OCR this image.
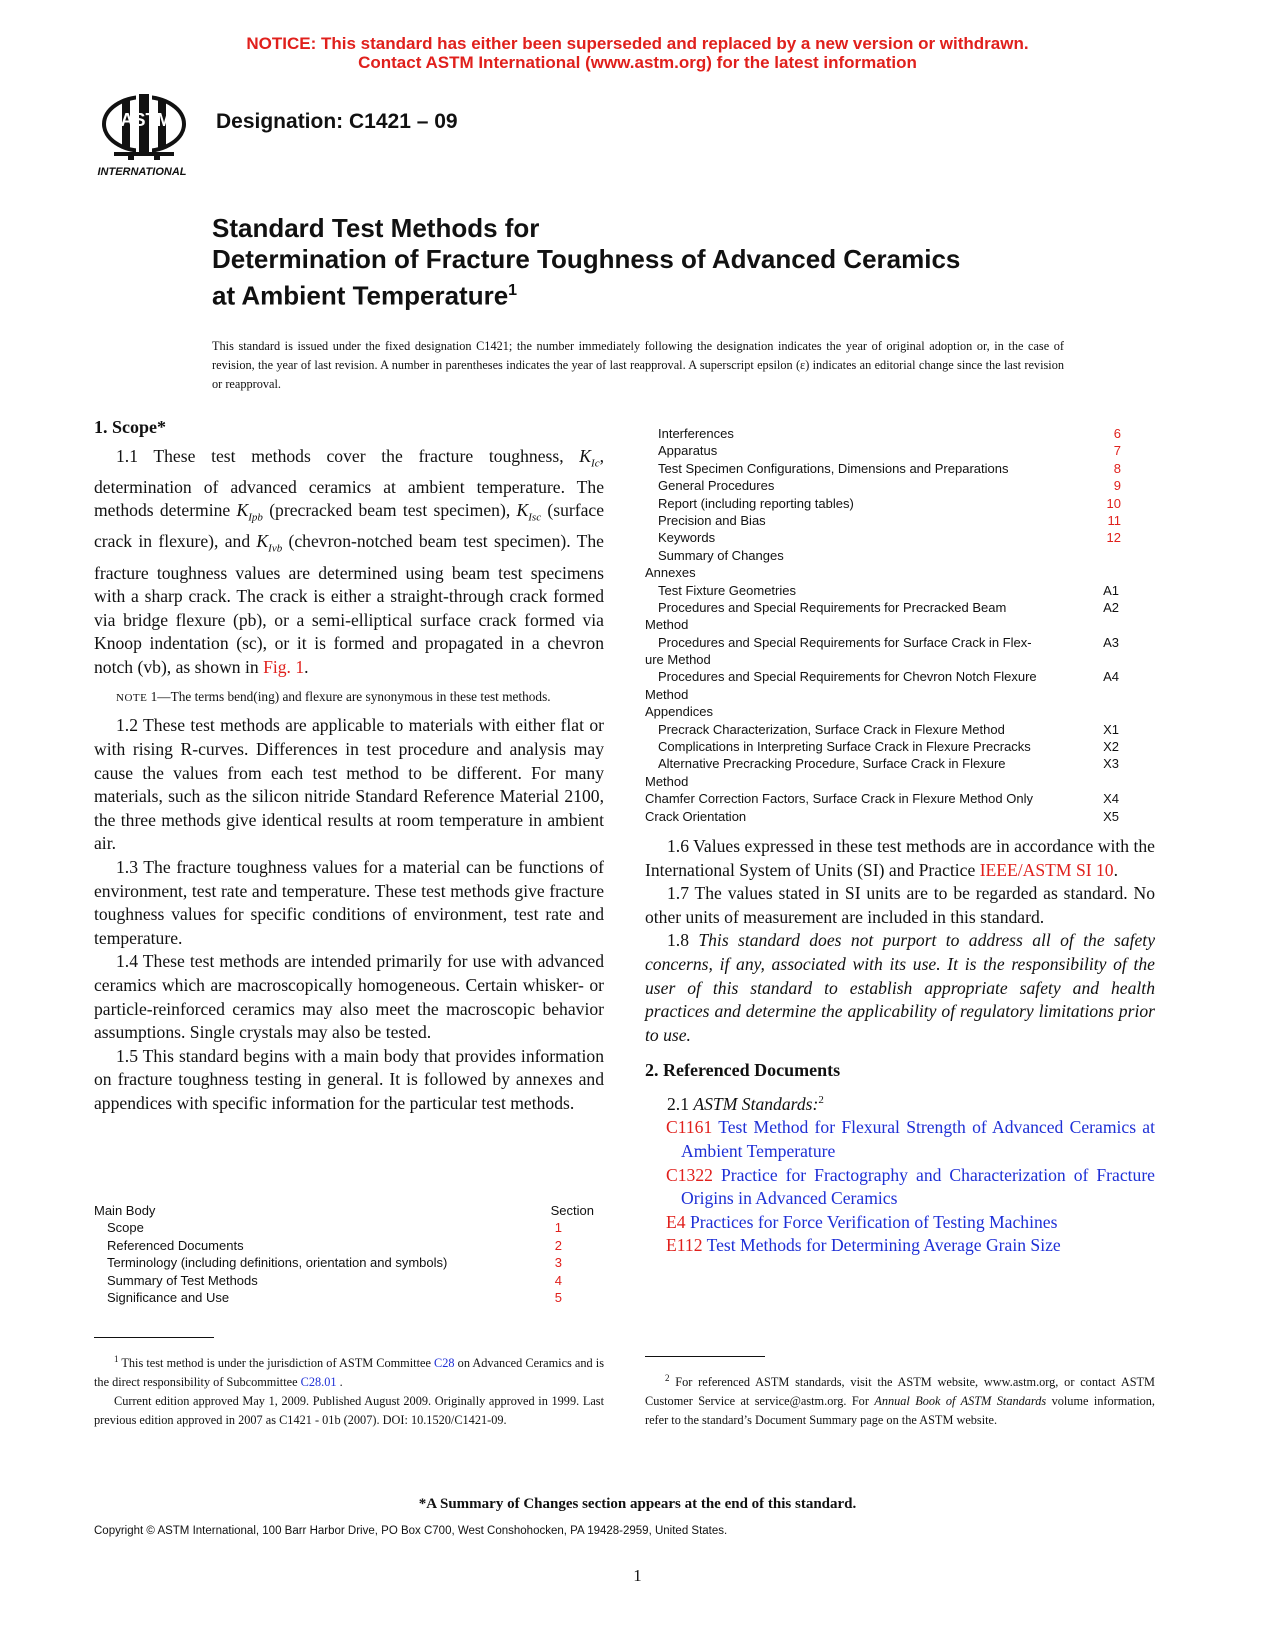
NOTICE: This standard has either been superseded and replaced by a new version or withdrawn.
Contact ASTM International (www.astm.org) for the latest information
ASTM
INTERNATIONAL
Designation: C1421 – 09
Standard Test Methods for
Determination of Fracture Toughness of Advanced Ceramics
at Ambient Temperature$^1$
This standard is issued under the fixed designation C1421; the number immediately following the designation indicates the year of original adoption or, in the case of revision, the year of last revision. A number in parentheses indicates the year of last reapproval. A superscript epsilon (ε) indicates an editorial change since the last revision or reapproval.
1. Scope*

1.1 These test methods cover the fracture toughness, $K_{Ic}$, determination of advanced ceramics at ambient temperature. The methods determine $K_{Ipb}$ (precracked beam test specimen), $K_{Isc}$ (surface crack in flexure), and $K_{Ivb}$ (chevron-notched beam test specimen). The fracture toughness values are determined using beam test specimens with a sharp crack. The crack is either a straight-through crack formed via bridge flexure (pb), or a semi-elliptical surface crack formed via Knoop indentation (sc), or it is formed and propagated in a chevron notch (vb), as shown in Fig. 1.

NOTE 1—The terms bend(ing) and flexure are synonymous in these test methods.

1.2 These test methods are applicable to materials with either flat or with rising R-curves. Differences in test procedure and analysis may cause the values from each test method to be different. For many materials, such as the silicon nitride Standard Reference Material 2100, the three methods give identical results at room temperature in ambient air.

1.3 The fracture toughness values for a material can be functions of environment, test rate and temperature. These test methods give fracture toughness values for specific conditions of environment, test rate and temperature.

1.4 These test methods are intended primarily for use with advanced ceramics which are macroscopically homogeneous. Certain whisker- or particle-reinforced ceramics may also meet the macroscopic behavior assumptions. Single crystals may also be tested.

1.5 This standard begins with a main body that provides information on fracture toughness testing in general. It is followed by annexes and appendices with specific information for the particular test methods.

Main Body	Section
Scope	1
Referenced Documents	2
Terminology (including definitions, orientation and symbols)	3
Summary of Test Methods	4
Significance and Use	5
Interferences	6
Apparatus	7
Test Specimen Configurations, Dimensions and Preparations	8
General Procedures	9
Report (including reporting tables)	10
Precision and Bias	11
Keywords	12
Summary of Changes
Annexes
Test Fixture Geometries	A1
Procedures and Special Requirements for Precracked Beam	A2
Method
Procedures and Special Requirements for Surface Crack in Flex-	A3
ure Method
Procedures and Special Requirements for Chevron Notch Flexure	A4
Method
Appendices
Precrack Characterization, Surface Crack in Flexure Method	X1
Complications in Interpreting Surface Crack in Flexure Precracks	X2
Alternative Precracking Procedure, Surface Crack in Flexure	X3
Method
Chamfer Correction Factors, Surface Crack in Flexure Method Only	X4
Crack Orientation	X5

1.6 Values expressed in these test methods are in accordance with the International System of Units (SI) and Practice IEEE/ASTM SI 10.

1.7 The values stated in SI units are to be regarded as standard. No other units of measurement are included in this standard.

1.8 This standard does not purport to address all of the safety concerns, if any, associated with its use. It is the responsibility of the user of this standard to establish appropriate safety and health practices and determine the applicability of regulatory limitations prior to use.

2. Referenced Documents

2.1 ASTM Standards:$^2$

C1161 Test Method for Flexural Strength of Advanced Ceramics at Ambient Temperature
C1322 Practice for Fractography and Characterization of Fracture Origins in Advanced Ceramics
E4 Practices for Force Verification of Testing Machines
E112 Test Methods for Determining Average Grain Size
$^1$ This test method is under the jurisdiction of ASTM Committee C28 on Advanced Ceramics and is the direct responsibility of Subcommittee C28.01 .
Current edition approved May 1, 2009. Published August 2009. Originally approved in 1999. Last previous edition approved in 2007 as C1421 - 01b (2007). DOI: 10.1520/C1421-09.
$^2$ For referenced ASTM standards, visit the ASTM website, www.astm.org, or contact ASTM Customer Service at service@astm.org. For Annual Book of ASTM Standards volume information, refer to the standard’s Document Summary page on the ASTM website.
*A Summary of Changes section appears at the end of this standard.
Copyright © ASTM International, 100 Barr Harbor Drive, PO Box C700, West Conshohocken, PA 19428-2959, United States.
1
